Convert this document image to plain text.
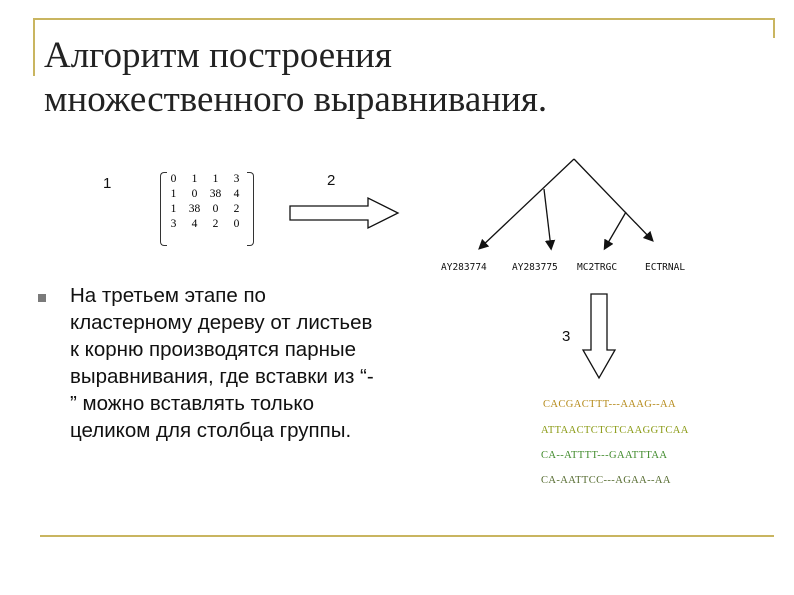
Алгоритм построения
множественного выравнивания.
1	2
3
0	1	1	3
1	0	38	4
1	38	0	2
3	4	2	0
AY283774	AY283775 MC2TRGC	ECTRNAL
CACGACTTT---AAAG--AA
ATTAACTCTCTCAAGGTCAA
CA--ATTTT---GAATTTAA
CA-AATTCC---AGAA--AA
На третьем этапе по
кластерному дереву от листьев
к корню производятся парные
выравнивания, где вставки из “-
” можно вставлять только
целиком для столбца группы.
